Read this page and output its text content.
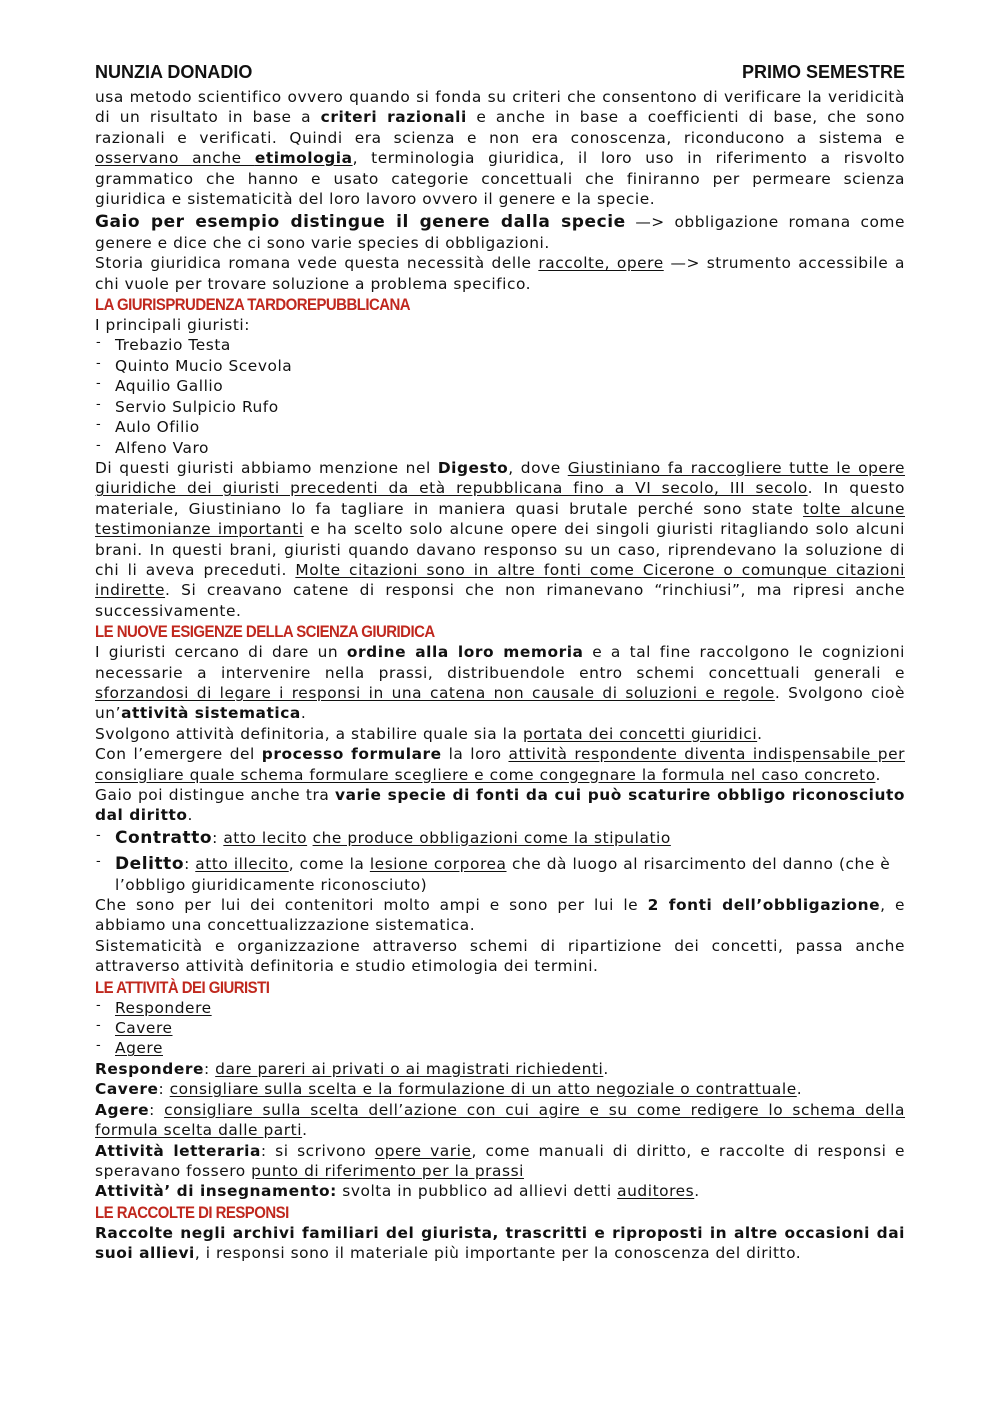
NUNZIA DONADIO	PRIMO SEMESTRE

usa metodo scientifico ovvero quando si fonda su criteri che consentono di verificare la veridicità di un risultato in base a criteri razionali e anche in base a coefficienti di base, che sono razionali e verificati. Quindi era scienza e non era conoscenza, riconducono a sistema e osservano anche etimologia, terminologia giuridica, il loro uso in riferimento a risvolto grammatico che hanno e usato categorie concettuali che finiranno per permeare scienza giuridica e sistematicità del loro lavoro ovvero il genere e la specie.

Gaio per esempio distingue il genere dalla specie —> obbligazione romana come genere e dice che ci sono varie species di obbligazioni.

Storia giuridica romana vede questa necessità delle raccolte, opere —> strumento accessibile a chi vuole per trovare soluzione a problema specifico.

LA GIURISPRUDENZA TARDOREPUBBLICANA

I principali giuristi:

‐ Trebazio Testa
‐ Quinto Mucio Scevola
‐ Aquilio Gallio
‐ Servio Sulpicio Rufo
‐ Aulo Ofilio
‐ Alfeno Varo

Di questi giuristi abbiamo menzione nel Digesto, dove Giustiniano fa raccogliere tutte le opere giuridiche dei giuristi precedenti da età repubblicana fino a VI secolo, III secolo. In questo materiale, Giustiniano lo fa tagliare in maniera quasi brutale perché sono state tolte alcune testimonianze importanti e ha scelto solo alcune opere dei singoli giuristi ritagliando solo alcuni brani. In questi brani, giuristi quando davano responso su un caso, riprendevano la soluzione di chi li aveva preceduti. Molte citazioni sono in altre fonti come Cicerone o comunque citazioni indirette. Si creavano catene di responsi che non rimanevano “rinchiusi”, ma ripresi anche successivamente.

LE NUOVE ESIGENZE DELLA SCIENZA GIURIDICA

I giuristi cercano di dare un ordine alla loro memoria e a tal fine raccolgono le cognizioni necessarie a intervenire nella prassi, distribuendole entro schemi concettuali generali e sforzandosi di legare i responsi in una catena non causale di soluzioni e regole. Svolgono cioè un’attività sistematica.

Svolgono attività definitoria, a stabilire quale sia la portata dei concetti giuridici.

Con l’emergere del processo formulare la loro attività respondente diventa indispensabile per consigliare quale schema formulare scegliere e come congegnare la formula nel caso concreto.

Gaio poi distingue anche tra varie specie di fonti da cui può scaturire obbligo riconosciuto dal diritto.

‐ Contratto: atto lecito che produce obbligazioni come la stipulatio
‐ Delitto: atto illecito, come la lesione corporea che dà luogo al risarcimento del danno (che è l’obbligo giuridicamente riconosciuto)

Che sono per lui dei contenitori molto ampi e sono per lui le 2 fonti dell’obbligazione, e abbiamo una concettualizzazione sistematica.

Sistematicità e organizzazione attraverso schemi di ripartizione dei concetti, passa anche attraverso attività definitoria e studio etimologia dei termini.

LE ATTIVITÀ DEI GIURISTI
‐ Respondere
‐ Cavere
‐ Agere

Respondere: dare pareri ai privati o ai magistrati richiedenti.

Cavere: consigliare sulla scelta e la formulazione di un atto negoziale o contrattuale.

Agere: consigliare sulla scelta dell’azione con cui agire e su come redigere lo schema della formula scelta dalle parti.

Attività letteraria: si scrivono opere varie, come manuali di diritto, e raccolte di responsi e speravano fossero punto di riferimento per la prassi

Attività’ di insegnamento: svolta in pubblico ad allievi detti auditores.

LE RACCOLTE DI RESPONSI

Raccolte negli archivi familiari del giurista, trascritti e riproposti in altre occasioni dai suoi allievi, i responsi sono il materiale più importante per la conoscenza del diritto.
